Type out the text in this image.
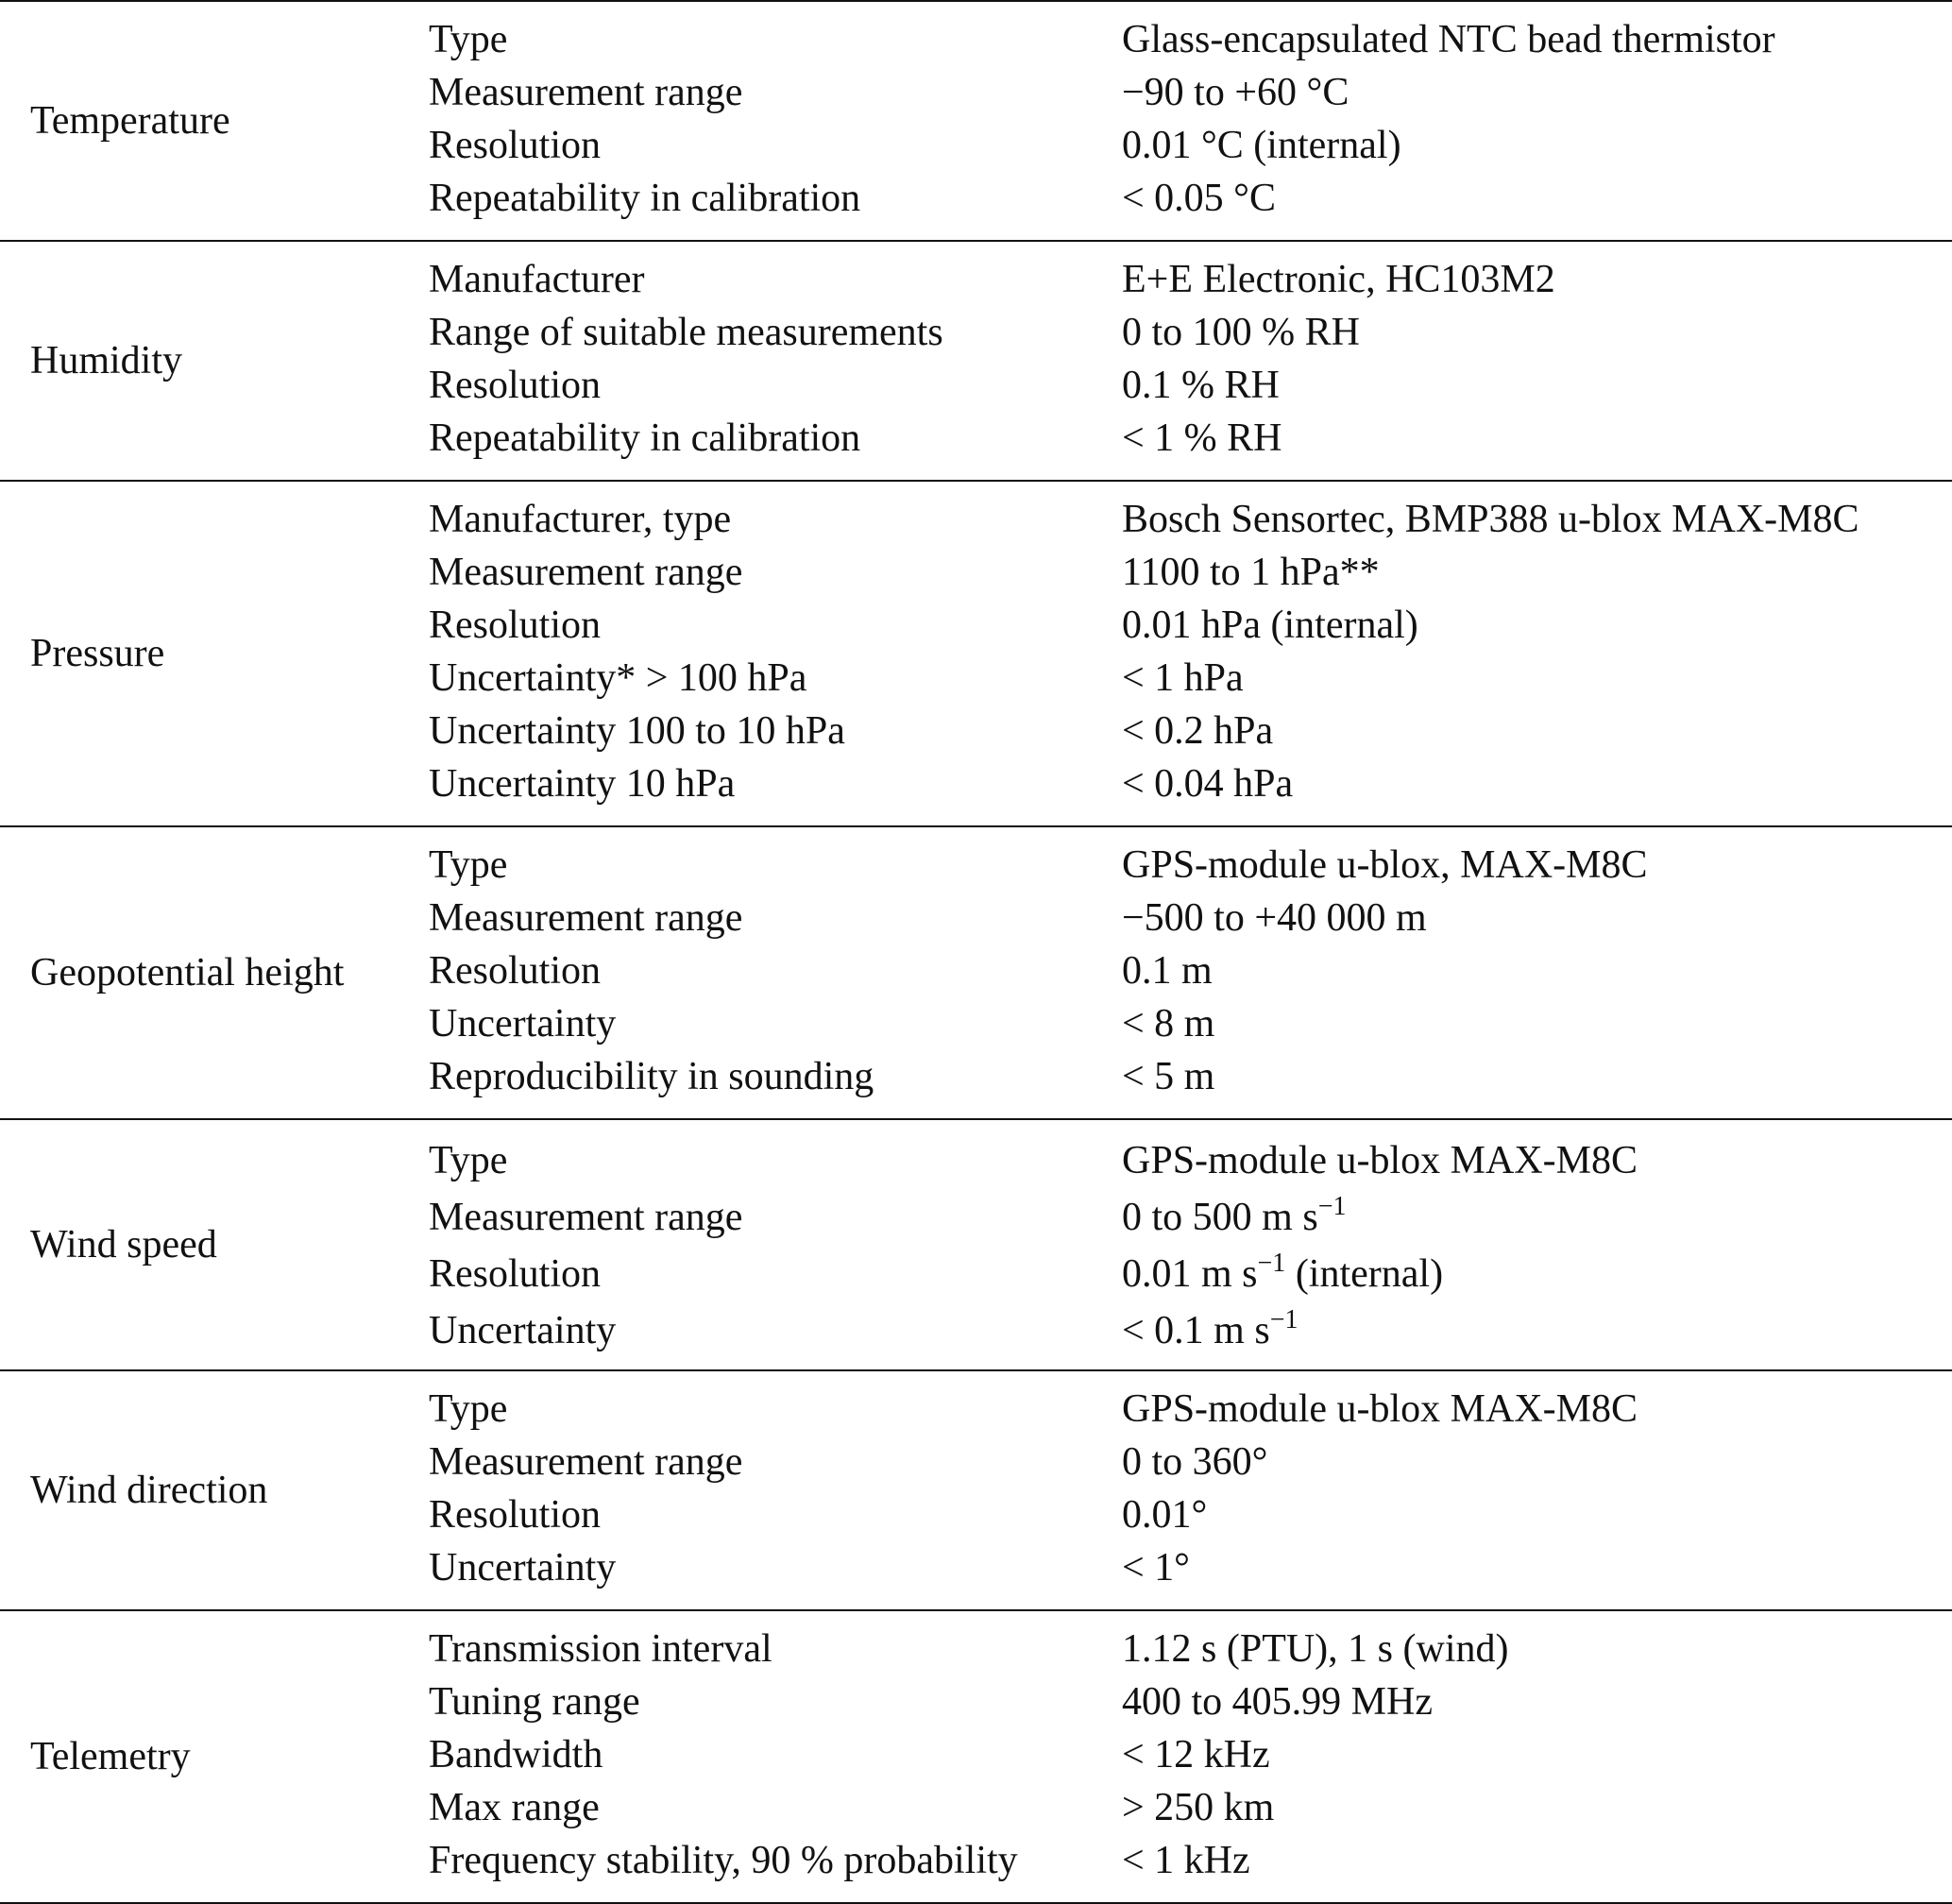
Temperature
Type	Glass-encapsulated NTC bead thermistor
Measurement range	−90 to +60 °C
Resolution	0.01 °C (internal)
Repeatability in calibration	< 0.05 °C
Humidity
Manufacturer	E+E Electronic, HC103M2
Range of suitable measurements	0 to 100 % RH
Resolution	0.1 % RH
Repeatability in calibration	< 1 % RH
Pressure
Manufacturer, type	Bosch Sensortec, BMP388 u-blox MAX-M8C
Measurement range	1100 to 1 hPa**
Resolution	0.01 hPa (internal)
Uncertainty* > 100 hPa	< 1 hPa
Uncertainty 100 to 10 hPa	< 0.2 hPa
Uncertainty 10 hPa	< 0.04 hPa
Geopotential height
Type	GPS-module u-blox, MAX-M8C
Measurement range	−500 to +40 000 m
Resolution	0.1 m
Uncertainty	< 8 m
Reproducibility in sounding	< 5 m
Wind speed
Type	GPS-module u-blox MAX-M8C
Measurement range	0 to 500 m $s^{-1}$
Resolution	0.01 m $s^{-1}$ (internal)
Uncertainty	< 0.1 m $s^{-1}$
Wind direction
Type	GPS-module u-blox MAX-M8C
Measurement range	0 to 360°
Resolution	0.01°
Uncertainty	< 1°
Telemetry
Transmission interval	1.12 s (PTU), 1 s (wind)
Tuning range	400 to 405.99 MHz
Bandwidth	< 12 kHz
Max range	> 250 km
Frequency stability, 90 % probability	< 1 kHz
